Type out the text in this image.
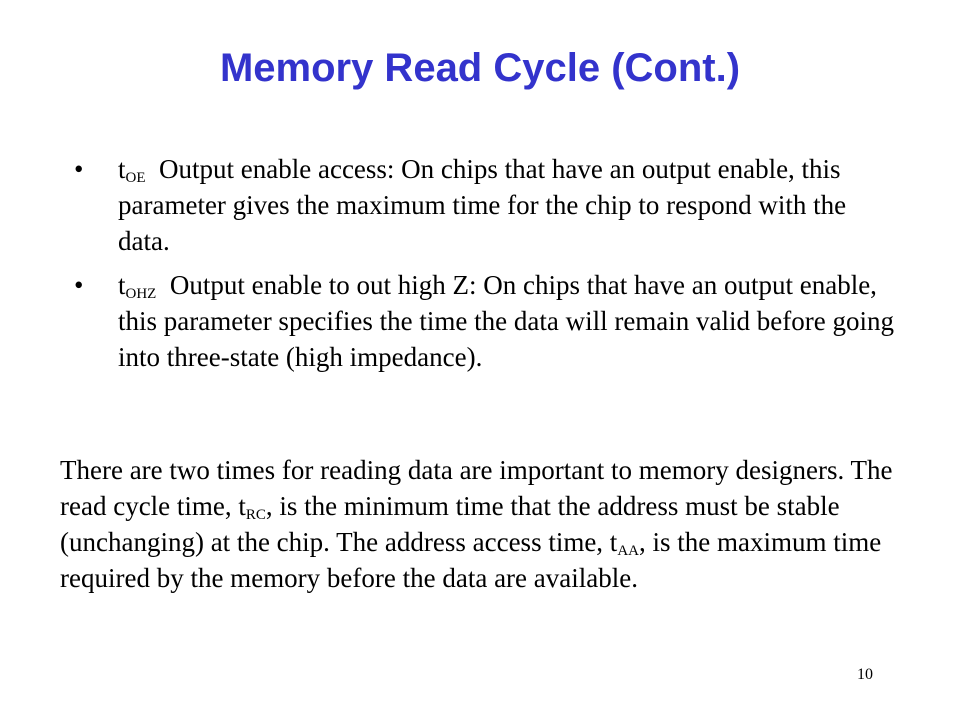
Memory Read Cycle (Cont.)
• $t_{OE}$ Output enable access: On chips that have an output enable, this parameter gives the maximum time for the chip to respond with the data.
• $t_{OHZ}$ Output enable to out high Z: On chips that have an output enable, this parameter specifies the time the data will remain valid before going into three-state (high impedance).

There are two times for reading data are important to memory designers. The read cycle time, $t_{RC}$, is the minimum time that the address must be stable (unchanging) at the chip. The address access time, $t_{AA}$, is the maximum time required by the memory before the data are available.

10
